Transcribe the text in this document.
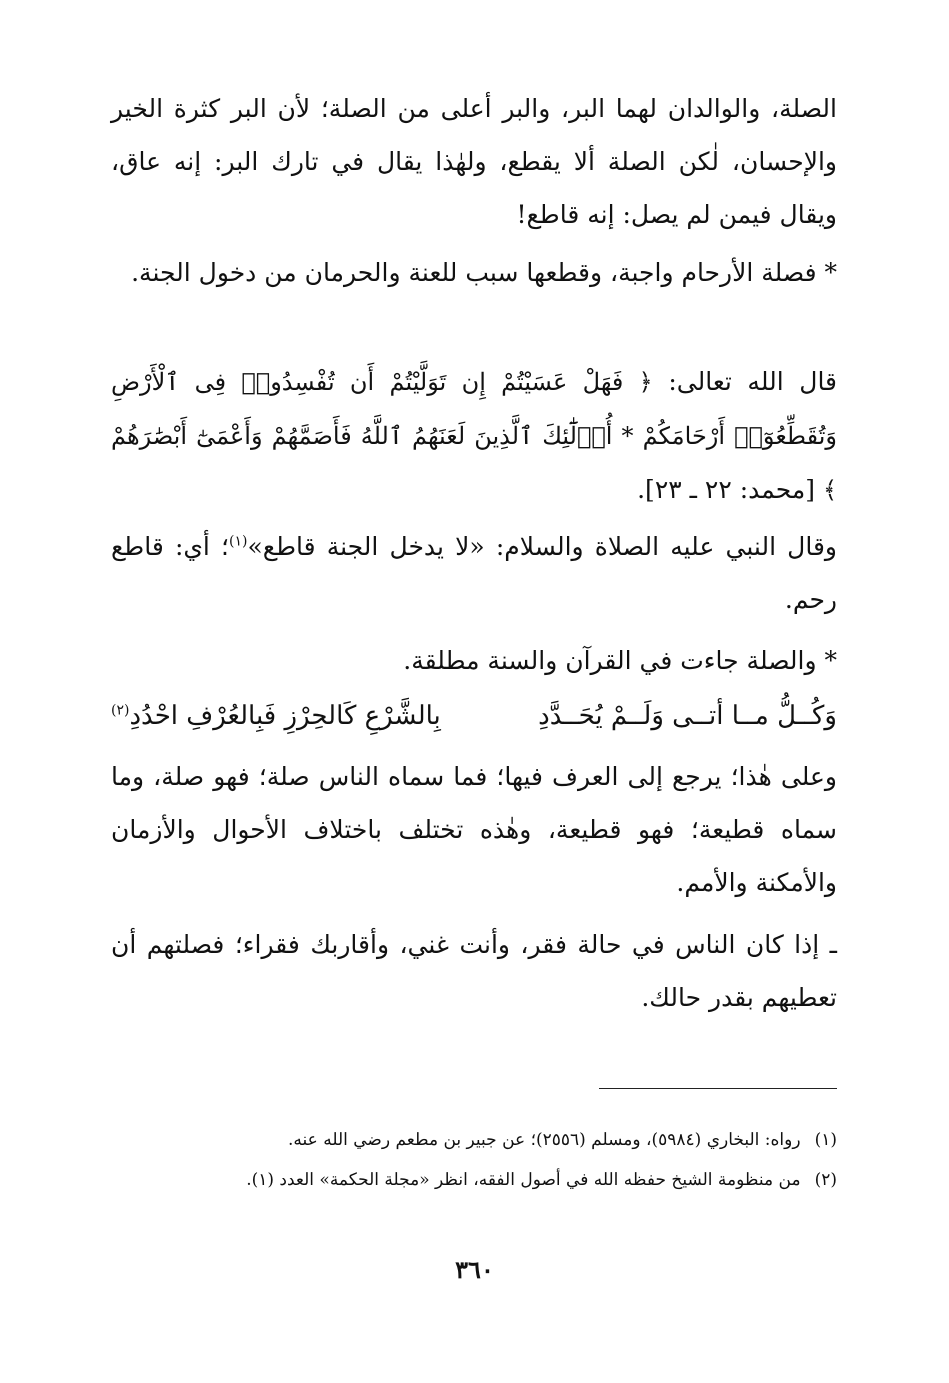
الصلة، والوالدان لهما البر، والبر أعلى من الصلة؛ لأن البر كثرة الخير والإحسان، لٰكن الصلة ألا يقطع، ولهٰذا يقال في تارك البر: إنه عاق، ويقال فيمن لم يصل: إنه قاطع!

* فصلة الأرحام واجبة، وقطعها سبب للعنة والحرمان من دخول الجنة.

قال الله تعالى: ﴿ فَهَلْ عَسَيْتُمْ إِن تَوَلَّيْتُمْ أَن تُفْسِدُوا۟ فِى ٱلْأَرْضِ وَتُقَطِّعُوٓا۟ أَرْحَامَكُمْ * أُو۟لَٰٓئِكَ ٱلَّذِينَ لَعَنَهُمُ ٱللَّهُ فَأَصَمَّهُمْ وَأَعْمَىٰٓ أَبْصَٰرَهُمْ ﴾ [محمد: ٢٢ ـ ٢٣].

وقال النبي عليه الصلاة والسلام: «لا يدخل الجنة قاطع»$^{(١)}$؛ أي: قاطع رحم.

* والصلة جاءت في القرآن والسنة مطلقة.

وَكُــلُّ مــا أتــى وَلَــمْ يُحَــدَّدِ
بِالشَّرْعِ كَالحِرْزِ فَبِالعُرْفِ احْدُدِ$^{(٢)}$

وعلى هٰذا؛ يرجع إلى العرف فيها؛ فما سماه الناس صلة؛ فهو صلة، وما سماه قطيعة؛ فهو قطيعة، وهٰذه تختلف باختلاف الأحوال والأزمان والأمكنة والأمم.

ـ إذا كان الناس في حالة فقر، وأنت غني، وأقاربك فقراء؛ فصلتهم أن تعطيهم بقدر حالك.

(١)رواه: البخاري (٥٩٨٤)، ومسلم (٢٥٥٦)؛ عن جبير بن مطعم رضي الله عنه.
(٢)من منظومة الشيخ حفظه الله في أصول الفقه، انظر «مجلة الحكمة» العدد (١).
٣٦٠
